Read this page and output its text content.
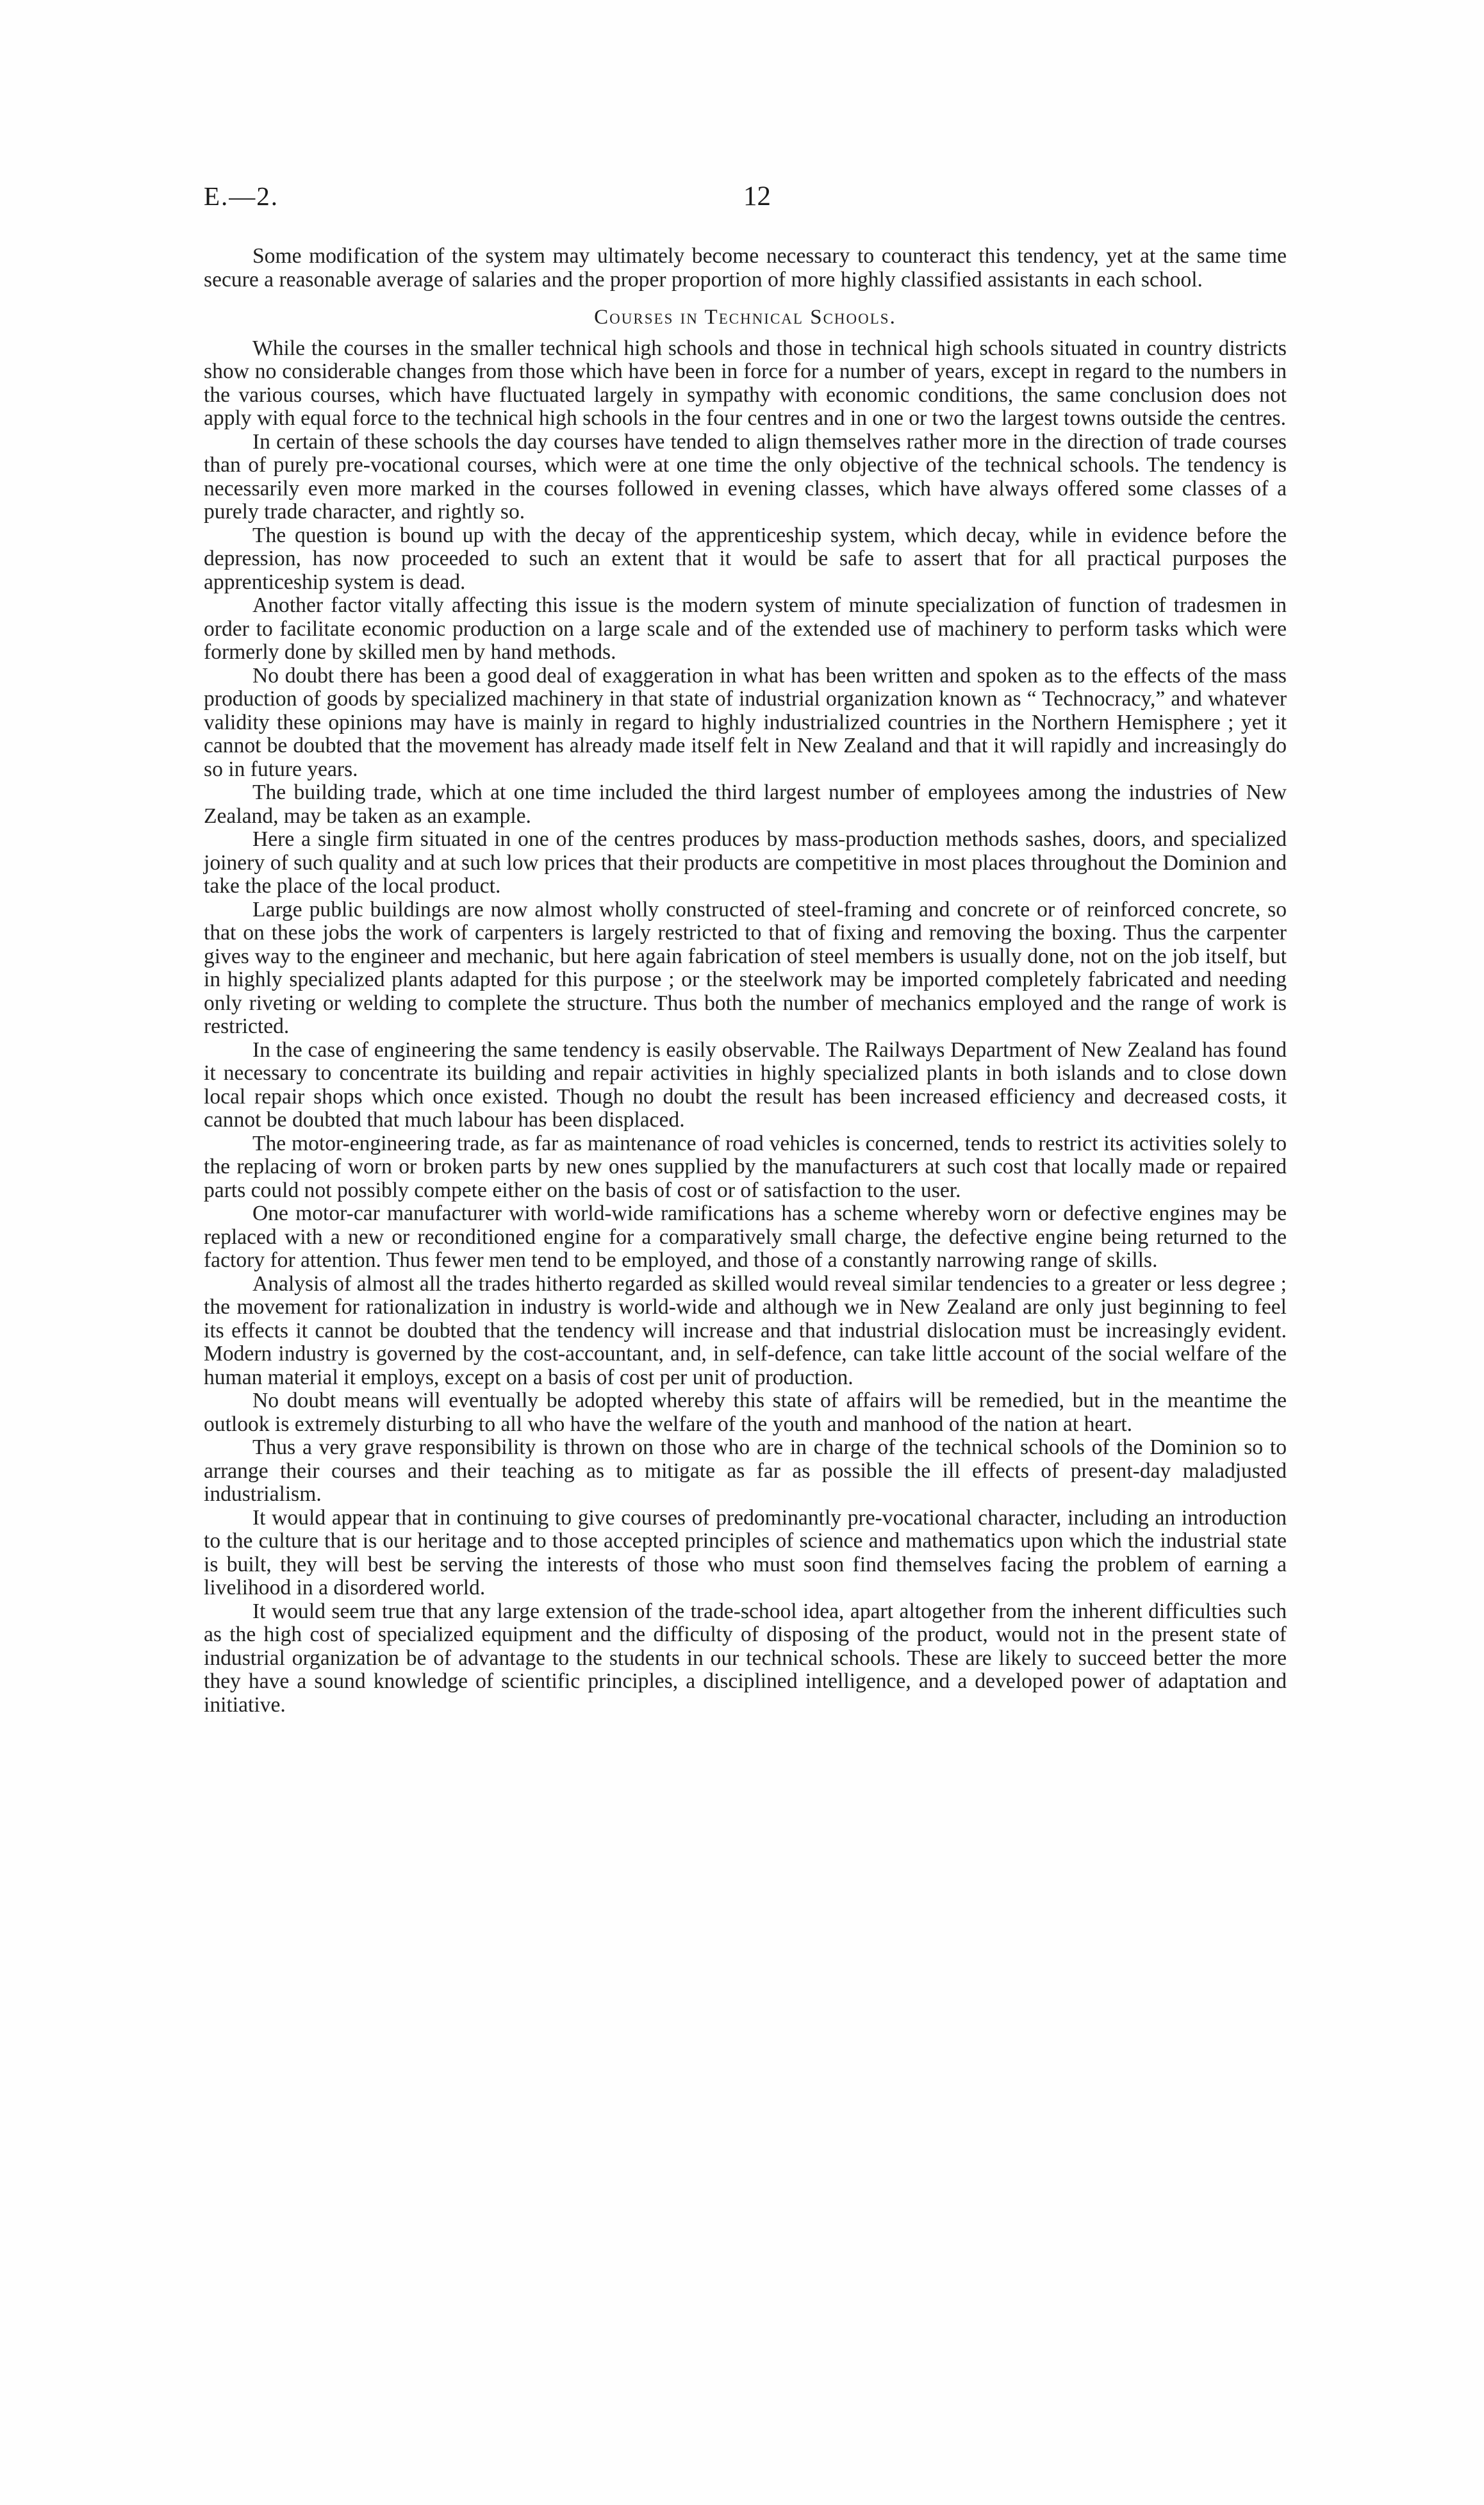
E.—2.	12

Some modification of the system may ultimately become necessary to counteract this tendency, yet at the same time secure a reasonable average of salaries and the proper proportion of more highly classified assistants in each school.

Courses in Technical Schools.

While the courses in the smaller technical high schools and those in technical high schools situated in country districts show no considerable changes from those which have been in force for a number of years, except in regard to the numbers in the various courses, which have fluctuated largely in sympathy with economic conditions, the same conclusion does not apply with equal force to the technical high schools in the four centres and in one or two the largest towns outside the centres.

In certain of these schools the day courses have tended to align themselves rather more in the direction of trade courses than of purely pre-vocational courses, which were at one time the only objective of the technical schools. The tendency is necessarily even more marked in the courses followed in evening classes, which have always offered some classes of a purely trade character, and rightly so.

The question is bound up with the decay of the apprenticeship system, which decay, while in evidence before the depression, has now proceeded to such an extent that it would be safe to assert that for all practical purposes the apprenticeship system is dead.

Another factor vitally affecting this issue is the modern system of minute specialization of function of tradesmen in order to facilitate economic production on a large scale and of the extended use of machinery to perform tasks which were formerly done by skilled men by hand methods.

No doubt there has been a good deal of exaggeration in what has been written and spoken as to the effects of the mass production of goods by specialized machinery in that state of industrial organization known as “ Technocracy,” and whatever validity these opinions may have is mainly in regard to highly industrialized countries in the Northern Hemisphere ; yet it cannot be doubted that the movement has already made itself felt in New Zealand and that it will rapidly and increasingly do so in future years.

The building trade, which at one time included the third largest number of employees among the industries of New Zealand, may be taken as an example.

Here a single firm situated in one of the centres produces by mass-production methods sashes, doors, and specialized joinery of such quality and at such low prices that their products are competitive in most places throughout the Dominion and take the place of the local product.

Large public buildings are now almost wholly constructed of steel-framing and concrete or of reinforced concrete, so that on these jobs the work of carpenters is largely restricted to that of fixing and removing the boxing. Thus the carpenter gives way to the engineer and mechanic, but here again fabrication of steel members is usually done, not on the job itself, but in highly specialized plants adapted for this purpose ; or the steelwork may be imported completely fabricated and needing only riveting or welding to complete the structure. Thus both the number of mechanics employed and the range of work is restricted.

In the case of engineering the same tendency is easily observable. The Railways Department of New Zealand has found it necessary to concentrate its building and repair activities in highly specialized plants in both islands and to close down local repair shops which once existed. Though no doubt the result has been increased efficiency and decreased costs, it cannot be doubted that much labour has been displaced.

The motor-engineering trade, as far as maintenance of road vehicles is concerned, tends to restrict its activities solely to the replacing of worn or broken parts by new ones supplied by the manufacturers at such cost that locally made or repaired parts could not possibly compete either on the basis of cost or of satisfaction to the user.

One motor-car manufacturer with world-wide ramifications has a scheme whereby worn or defective engines may be replaced with a new or reconditioned engine for a comparatively small charge, the defective engine being returned to the factory for attention. Thus fewer men tend to be employed, and those of a constantly narrowing range of skills.

Analysis of almost all the trades hitherto regarded as skilled would reveal similar tendencies to a greater or less degree ; the movement for rationalization in industry is world-wide and although we in New Zealand are only just beginning to feel its effects it cannot be doubted that the tendency will increase and that industrial dislocation must be increasingly evident. Modern industry is governed by the cost-accountant, and, in self-defence, can take little account of the social welfare of the human material it employs, except on a basis of cost per unit of production.

No doubt means will eventually be adopted whereby this state of affairs will be remedied, but in the meantime the outlook is extremely disturbing to all who have the welfare of the youth and manhood of the nation at heart.

Thus a very grave responsibility is thrown on those who are in charge of the technical schools of the Dominion so to arrange their courses and their teaching as to mitigate as far as possible the ill effects of present-day maladjusted industrialism.

It would appear that in continuing to give courses of predominantly pre-vocational character, including an introduction to the culture that is our heritage and to those accepted principles of science and mathematics upon which the industrial state is built, they will best be serving the interests of those who must soon find themselves facing the problem of earning a livelihood in a disordered world.

It would seem true that any large extension of the trade-school idea, apart altogether from the inherent difficulties such as the high cost of specialized equipment and the difficulty of disposing of the product, would not in the present state of industrial organization be of advantage to the students in our technical schools. These are likely to succeed better the more they have a sound knowledge of scientific principles, a disciplined intelligence, and a developed power of adaptation and initiative.
